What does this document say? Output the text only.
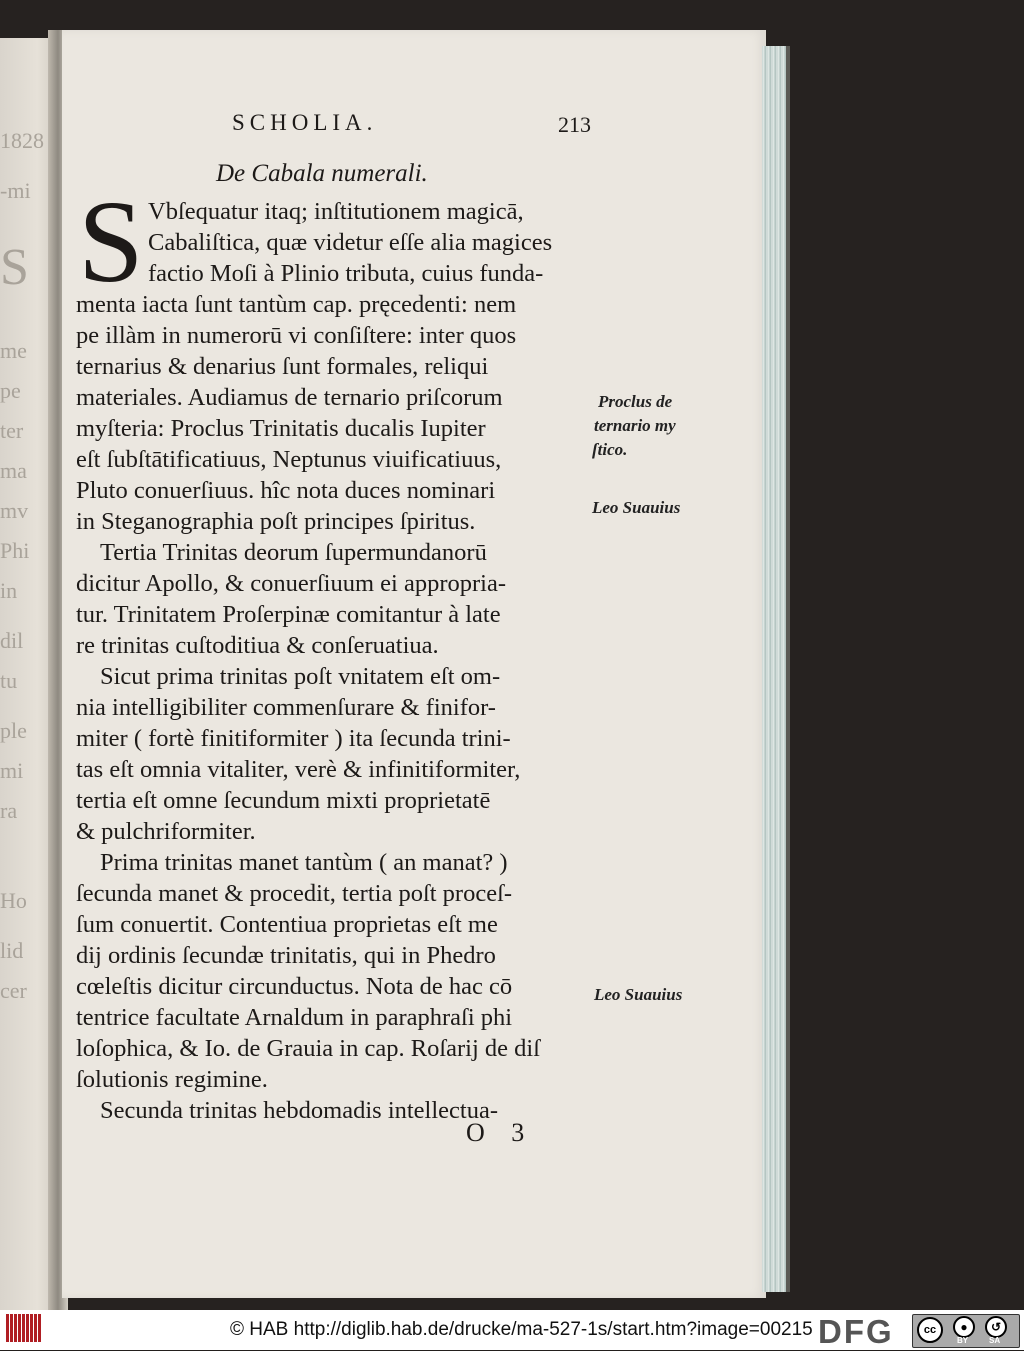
1828
-mi
S
me
pe
ter
ma
mv
Phi
in
dil
tu
ple
mi
ra
Ho
lid
cer
SCHOLIA.	213
De Cabala numerali.
S Vbſequatur itaq; inſtitutionem magicā,
Cabaliſtica, quæ videtur eſſe alia magices
factio Moſi à Plinio tributa, cuius funda-
menta iacta ſunt tantùm cap. pręcedenti: nem
pe illàm in numerorū vi conſiſtere: inter quos
ternarius & denarius ſunt formales, reliqui
materiales. Audiamus de ternario priſcorum
myſteria: Proclus Trinitatis ducalis Iupiter
eſt ſubſtātificatiuus, Neptunus viuificatiuus,
Pluto conuerſiuus. hîc nota duces nominari
in Steganographia poſt principes ſpiritus.
Tertia Trinitas deorum ſupermundanorū
dicitur Apollo, & conuerſiuum ei appropria-
tur. Trinitatem Proſerpinæ comitantur à late
re trinitas cuſtoditiua & conſeruatiua.
Sicut prima trinitas poſt vnitatem eſt om-
nia intelligibiliter commenſurare & finifor-
miter ( fortè finitiformiter ) ita ſecunda trini-
tas eſt omnia vitaliter, verè & infinitiformiter,
tertia eſt omne ſecundum mixti proprietatē
& pulchriformiter.
Prima trinitas manet tantùm ( an manat? )
ſecunda manet & procedit, tertia poſt proceſ-
ſum conuertit. Contentiua proprietas eſt me
dij ordinis ſecundæ trinitatis, qui in Phedro
cœleſtis dicitur circunductus. Nota de hac cō
tentrice facultate Arnaldum in paraphraſi phi
loſophica, & Io. de Grauia in cap. Roſarij de diſ
ſolutionis regimine.
Secunda trinitas hebdomadis intellectua-
Proclus de
ternario my
ſtico.
Leo Suauius
Leo Suauius
O 3
© HAB http://diglib.hab.de/drucke/ma-527-1s/start.htm?image=00215 DFG	cc	●
BY
↺
SA
